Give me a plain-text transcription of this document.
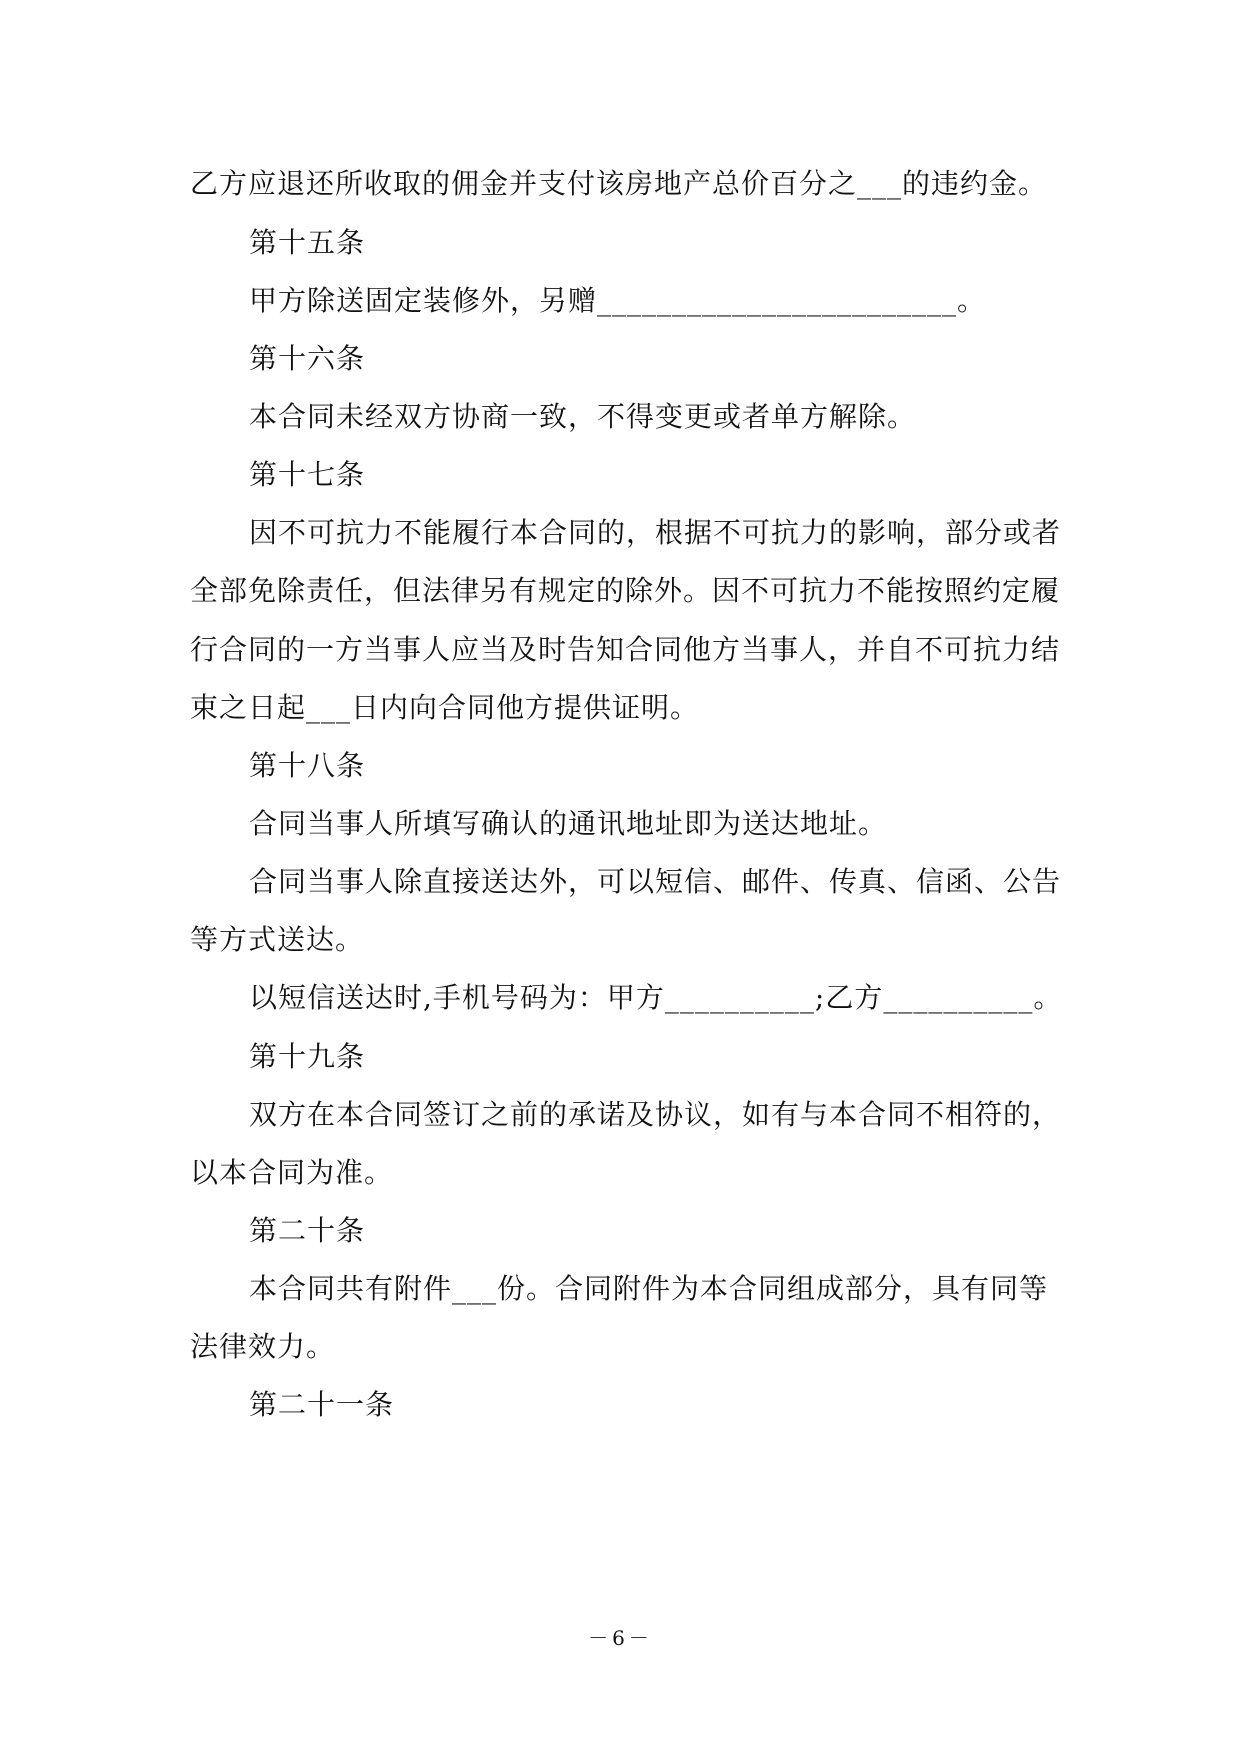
乙方应退还所收取的佣金并支付该房地产总价百分之___的违约金。
第十五条
甲方除送固定装修外，另赠________________________。
第十六条
本合同未经双方协商一致，不得变更或者单方解除。
第十七条
因不可抗力不能履行本合同的，根据不可抗力的影响，部分或者
全部免除责任，但法律另有规定的除外。因不可抗力不能按照约定履
行合同的一方当事人应当及时告知合同他方当事人，并自不可抗力结
束之日起___日内向合同他方提供证明。
第十八条
合同当事人所填写确认的通讯地址即为送达地址。
合同当事人除直接送达外，可以短信、邮件、传真、信函、公告
等方式送达。
以短信送达时,手机号码为：甲方__________;乙方__________。
第十九条
双方在本合同签订之前的承诺及协议，如有与本合同不相符的，
以本合同为准。
第二十条
本合同共有附件___份。合同附件为本合同组成部分，具有同等
法律效力。
第二十一条
－6－
